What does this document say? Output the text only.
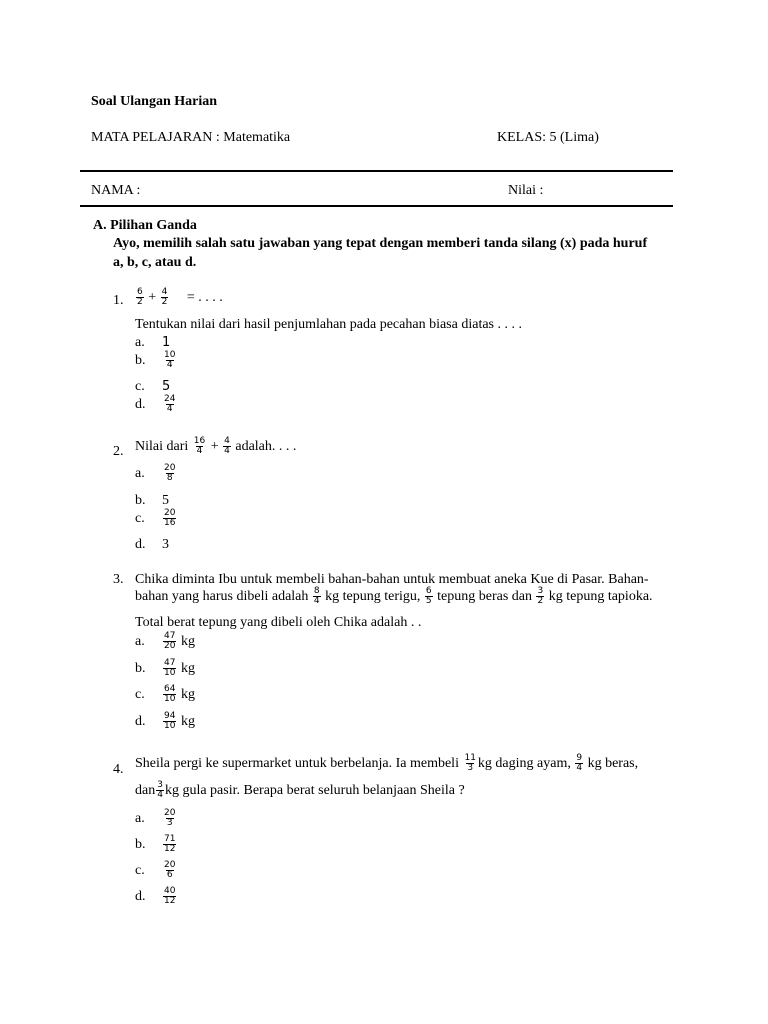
Soal Ulangan Harian
MATA PELAJARAN : Matematika	KELAS: 5 (Lima)
NAMA :	Nilai :
A. Pilihan Ganda
Ayo, memilih salah satu jawaban yang tepat dengan memberi tanda silang (x) pada huruf
a, b, c, atau d.
1. $\frac{6}{2} + \frac{4}{2}$ = . . . .
Tentukan nilai dari hasil penjumlahan pada pecahan biasa diatas . . . .
a. 1
b. $\frac{10}{4}$
c. 5
d. $\frac{24}{4}$
2. Nilai dari $\frac{16}{4} + \frac{4}{4}$ adalah. . . .
a. $\frac{20}{8}$
b. 5
c. $\frac{20}{16}$
d. 3
3. Chika diminta Ibu untuk membeli bahan-bahan untuk membuat aneka Kue di Pasar. Bahan-
bahan yang harus dibeli adalah $\frac{8}{4}$ kg tepung terigu, $\frac{6}{5}$ tepung beras dan $\frac{3}{2}$ kg tepung tapioka.
Total berat tepung yang dibeli oleh Chika adalah . .
a. $\frac{47}{20}$ kg
b. $\frac{47}{10}$ kg
c. $\frac{64}{10}$ kg
d. $\frac{94}{10}$ kg
4. Sheila pergi ke supermarket untuk berbelanja. Ia membeli $\frac{11}{3}$ kg daging ayam, $\frac{9}{4}$ kg beras,
dan $\frac{3}{4}$ kg gula pasir. Berapa berat seluruh belanjaan Sheila ?
a. $\frac{20}{3}$
b. $\frac{71}{12}$
c. $\frac{20}{6}$
d. $\frac{40}{12}$
